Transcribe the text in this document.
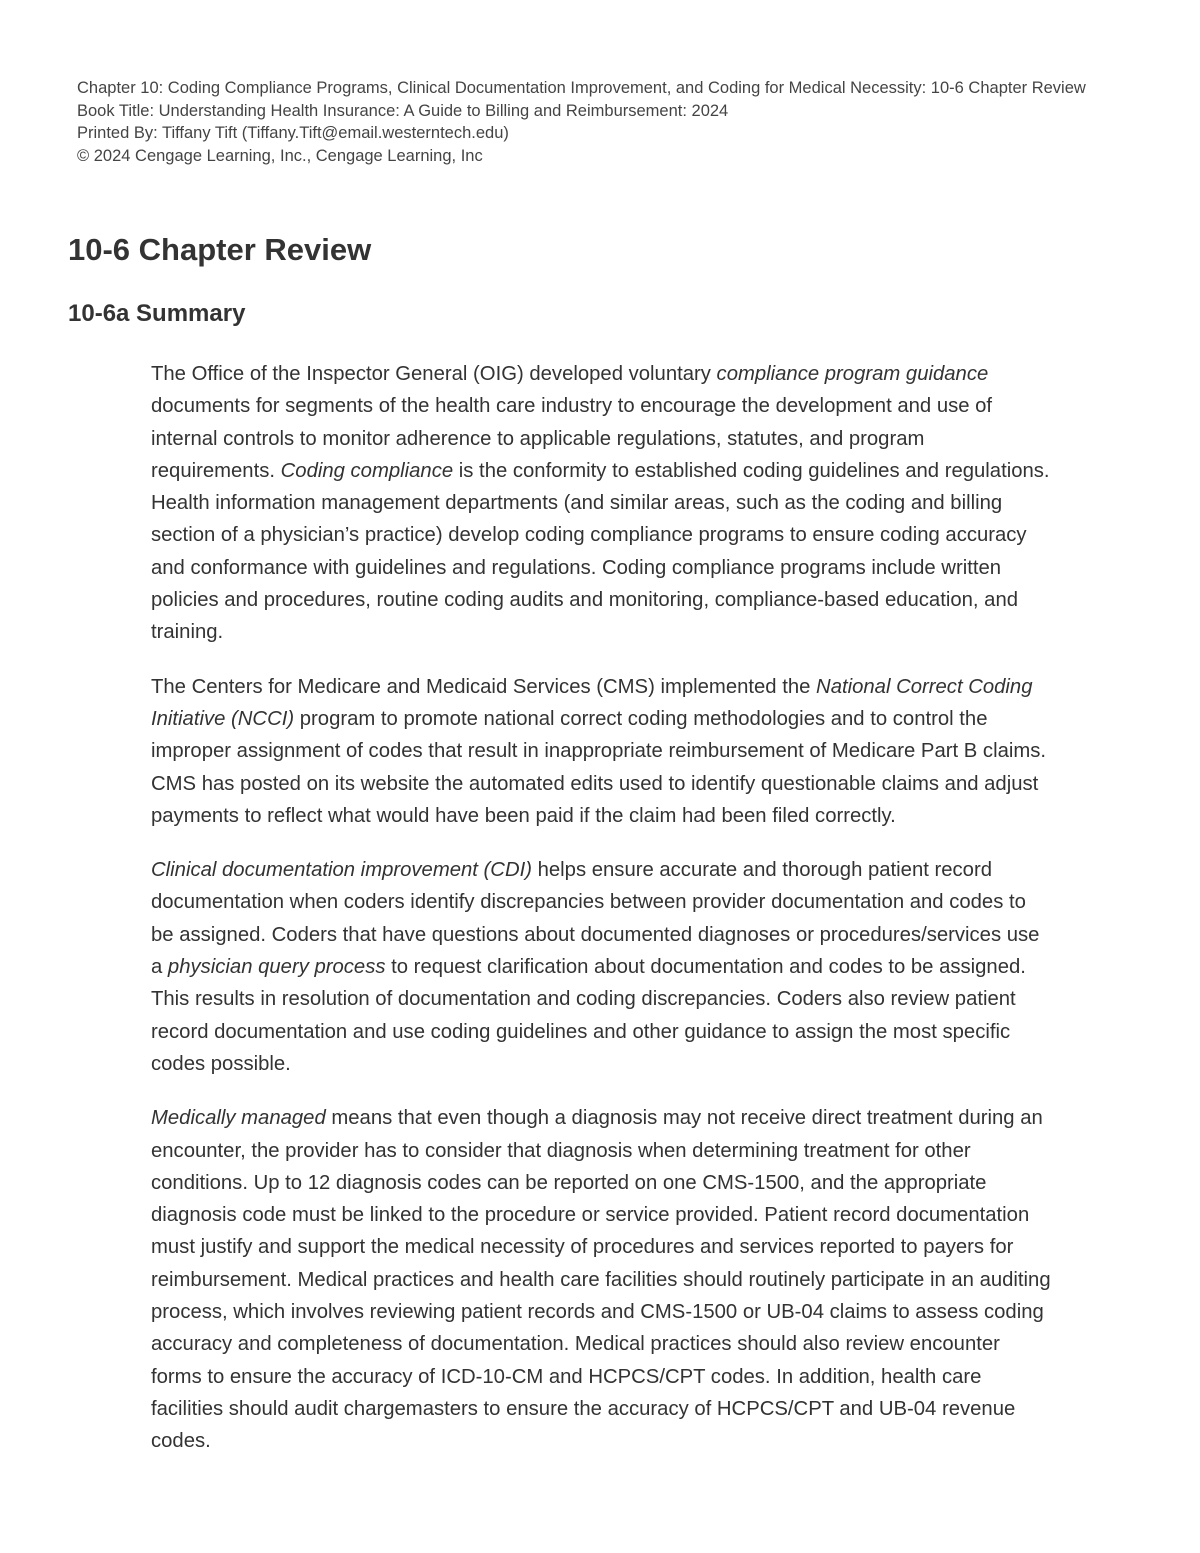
Chapter 10: Coding Compliance Programs, Clinical Documentation Improvement, and Coding for Medical Necessity: 10-6 Chapter Review
Book Title: Understanding Health Insurance: A Guide to Billing and Reimbursement: 2024
Printed By: Tiffany Tift (Tiffany.Tift@email.westerntech.edu)
© 2024 Cengage Learning, Inc., Cengage Learning, Inc
10-6 Chapter Review
10-6a Summary

The Office of the Inspector General (OIG) developed voluntary compliance program guidance documents for segments of the health care industry to encourage the development and use of internal controls to monitor adherence to applicable regulations, statutes, and program requirements. Coding compliance is the conformity to established coding guidelines and regulations. Health information management departments (and similar areas, such as the coding and billing section of a physician’s practice) develop coding compliance programs to ensure coding accuracy and conformance with guidelines and regulations. Coding compliance programs include written policies and procedures, routine coding audits and monitoring, compliance-based education, and training.

The Centers for Medicare and Medicaid Services (CMS) implemented the National Correct Coding Initiative (NCCI) program to promote national correct coding methodologies and to control the improper assignment of codes that result in inappropriate reimbursement of Medicare Part B claims. CMS has posted on its website the automated edits used to identify questionable claims and adjust payments to reflect what would have been paid if the claim had been filed correctly.

Clinical documentation improvement (CDI) helps ensure accurate and thorough patient record documentation when coders identify discrepancies between provider documentation and codes to be assigned. Coders that have questions about documented diagnoses or procedures/services use a physician query process to request clarification about documentation and codes to be assigned. This results in resolution of documentation and coding discrepancies. Coders also review patient record documentation and use coding guidelines and other guidance to assign the most specific codes possible.

Medically managed means that even though a diagnosis may not receive direct treatment during an encounter, the provider has to consider that diagnosis when determining treatment for other conditions. Up to 12 diagnosis codes can be reported on one CMS-1500, and the appropriate diagnosis code must be linked to the procedure or service provided. Patient record documentation must justify and support the medical necessity of procedures and services reported to payers for reimbursement. Medical practices and health care facilities should routinely participate in an auditing process, which involves reviewing patient records and CMS-1500 or UB-04 claims to assess coding accuracy and completeness of documentation. Medical practices should also review encounter forms to ensure the accuracy of ICD-10-CM and HCPCS/CPT codes. In addition, health care facilities should audit chargemasters to ensure the accuracy of HCPCS/CPT and UB-04 revenue codes.
